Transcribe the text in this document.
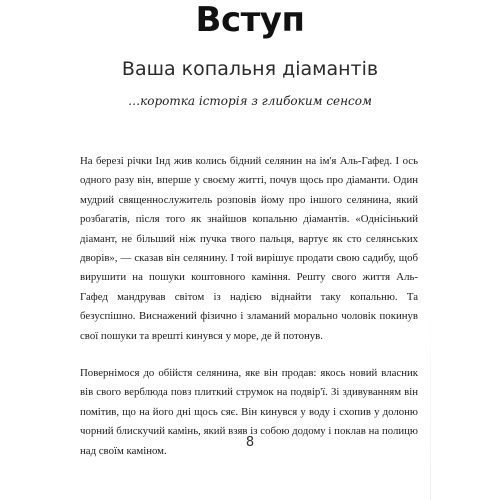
Вступ
Ваша копальня діамантів

…коротка історія з глибоким сенсом

На березі річки Інд жив колись бідний селянин на ім'я Аль-Гафед. І ось одного разу він, вперше у своєму житті, почув щось про діаманти. Один мудрий священнослужитель розповів йому про іншого селянина, який розбагатів, після того як знайшов копальню діамантів. «Однісінький діамант, не більший ніж пучка твого пальця, вартує як сто селянських дворів», — сказав він селянину. І той вирішує продати свою садибу, щоб вирушити на пошуки коштовного каміння. Решту свого життя Аль-Гафед мандрував світом із надією віднайти таку копальню. Та безуспішно. Виснажений фізично і зламаний морально чоловік покинув свої пошуки та врешті кинувся у море, де й потонув.

Повернімося до обійстя селянина, яке він продав: якось новий власник вів свого верблюда повз плиткий струмок на подвір'ї. Зі здивуванням він помітив, що на його дні щось сяє. Він кинувся у воду і схопив у долоню чорний блискучий камінь, який взяв із собою додому і поклав на полицю над своїм каміном.

8
